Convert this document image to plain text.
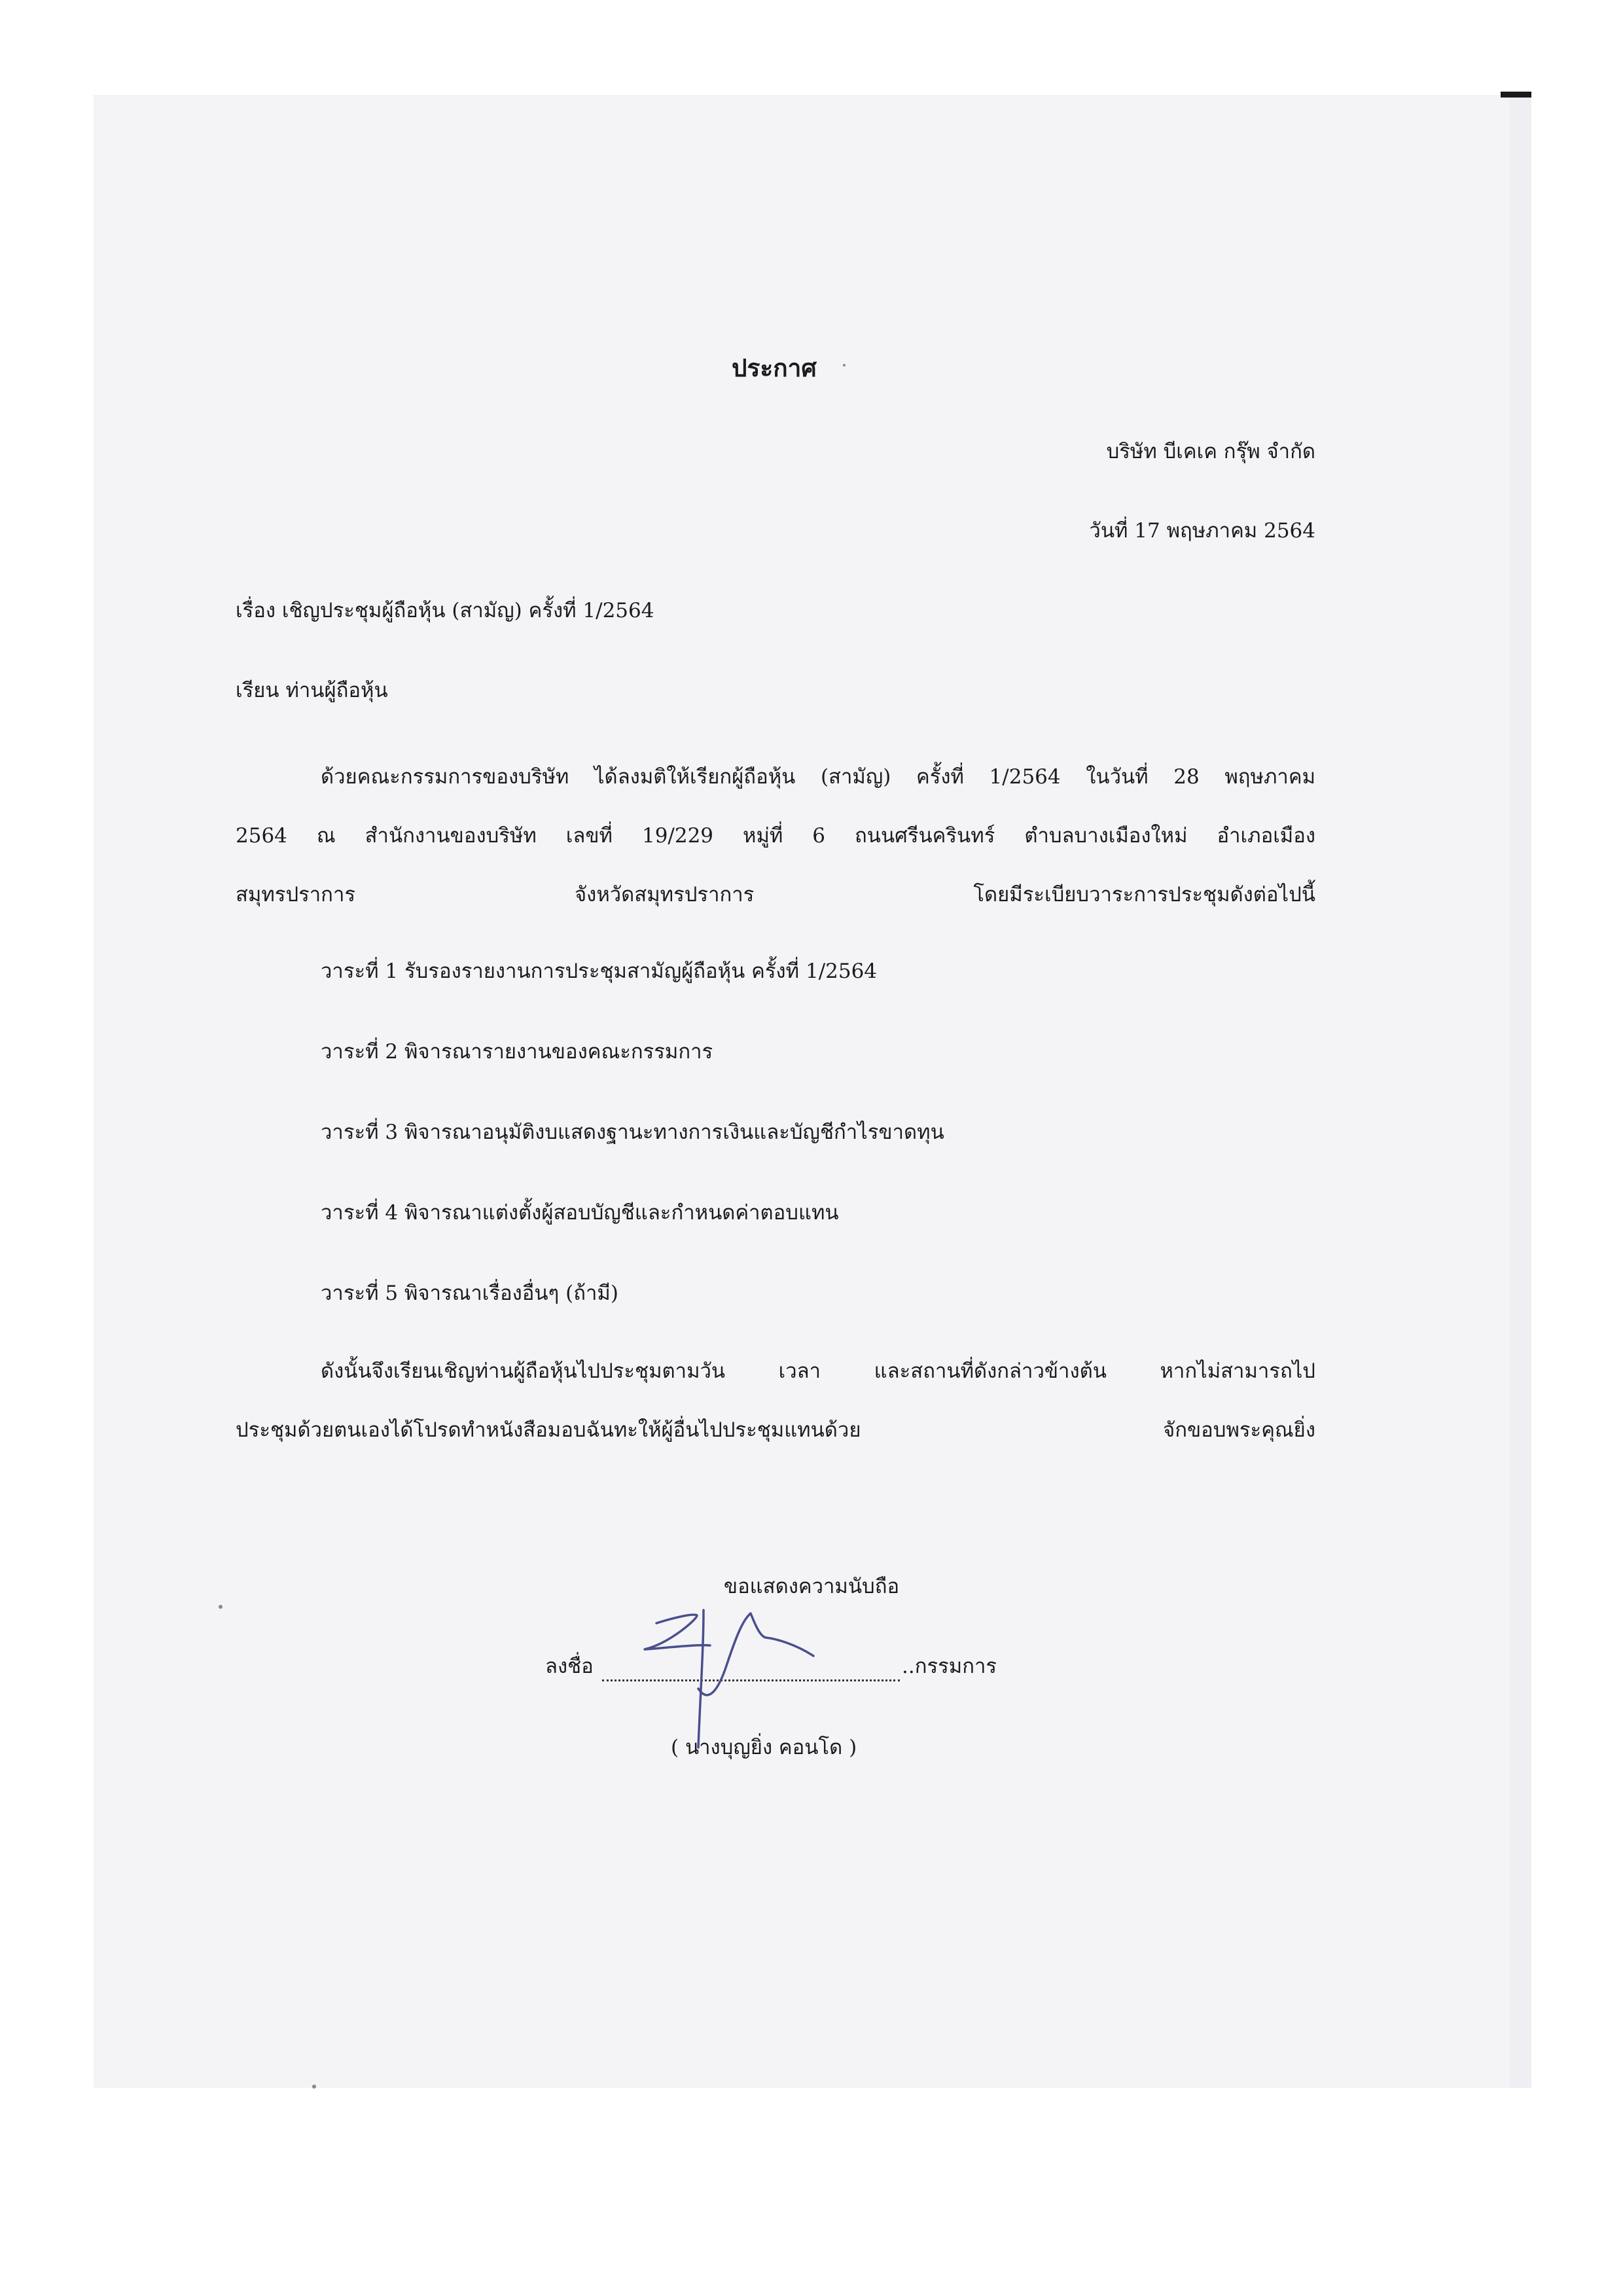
ประกาศ
บริษัท บีเคเค กรุ๊พ จำกัด
วันที่ 17 พฤษภาคม 2564
เรื่อง เชิญประชุมผู้ถือหุ้น (สามัญ) ครั้งที่ 1/2564
เรียน ท่านผู้ถือหุ้น
ด้วยคณะกรรมการของบริษัท ได้ลงมติให้เรียกผู้ถือหุ้น (สามัญ) ครั้งที่ 1/2564 ในวันที่ 28 พฤษภาคม
2564 ณ สำนักงานของบริษัท เลขที่ 19/229 หมู่ที่ 6 ถนนศรีนครินทร์ ตำบลบางเมืองใหม่ อำเภอเมือง
สมุทรปราการ จังหวัดสมุทรปราการ โดยมีระเบียบวาระการประชุมดังต่อไปนี้
วาระที่ 1 รับรองรายงานการประชุมสามัญผู้ถือหุ้น ครั้งที่ 1/2564
วาระที่ 2 พิจารณารายงานของคณะกรรมการ
วาระที่ 3 พิจารณาอนุมัติงบแสดงฐานะทางการเงินและบัญชีกำไรขาดทุน
วาระที่ 4 พิจารณาแต่งตั้งผู้สอบบัญชีและกำหนดค่าตอบแทน
วาระที่ 5 พิจารณาเรื่องอื่นๆ (ถ้ามี)
ดังนั้นจึงเรียนเชิญท่านผู้ถือหุ้นไปประชุมตามวัน เวลา และสถานที่ดังกล่าวข้างต้น หากไม่สามารถไป
ประชุมด้วยตนเองได้โปรดทำหนังสือมอบฉันทะให้ผู้อื่นไปประชุมแทนด้วย จักขอบพระคุณยิ่ง
ขอแสดงความนับถือ
ลงชื่อ	..กรรมการ
( นางบุญยิ่ง คอนโด )
